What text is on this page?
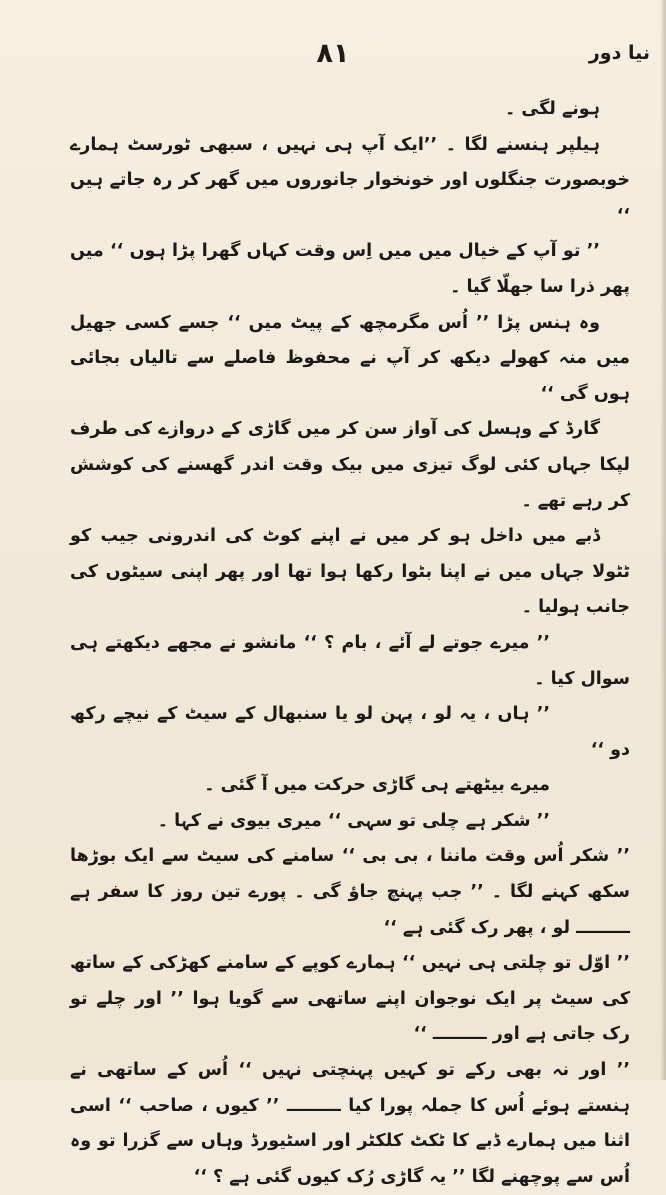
۸۱	نیا دور

ہونے لگی ۔

ہیلپر ہنسنے لگا ۔ ’’ایک آپ ہی نہیں ، سبھی ٹورسٹ ہمارے خوبصورت جنگلوں اور خونخوار جانوروں میں گھر کر رہ جاتے ہیں ‘‘

’’ تو آپ کے خیال میں میں اِس وقت کہاں گھرا پڑا ہوں ‘‘ میں پھر ذرا سا جھلّا گیا ۔

وہ ہنس پڑا ’’ اُس مگرمچھ کے پیٹ میں ‘‘ جسے کسی جھیل میں منہ کھولے دیکھ کر آپ نے محفوظ فاصلے سے تالیاں بجائی ہوں گی ‘‘

گارڈ کے وہسل کی آواز سن کر میں گاڑی کے دروازے کی طرف لپکا جہاں کئی لوگ تیزی میں بیک وقت اندر گھسنے کی کوشش کر رہے تھے ۔

ڈبے میں داخل ہو کر میں نے اپنے کوٹ کی اندرونی جیب کو ٹٹولا جہاں میں نے اپنا بٹوا رکھا ہوا تھا اور پھر اپنی سیٹوں کی جانب ہولیا ۔

’’ میرے جوتے لے آئے ، بام ؟ ‘‘ مانشو نے مجھے دیکھتے ہی سوال کیا ۔

’’ ہاں ، یہ لو ، پہن لو یا سنبھال کے سیٹ کے نیچے رکھ دو ‘‘

میرے بیٹھتے ہی گاڑی حرکت میں آ گئی ۔

’’ شکر ہے چلی تو سہی ‘‘ میری بیوی نے کہا ۔

’’ شکر اُس وقت ماننا ، بی بی ‘‘ سامنے کی سیٹ سے ایک بوڑھا سکھ کہنے لگا ۔ ’’ جب پہنچ جاؤ گی ۔ پورے تین روز کا سفر ہے ـــــــــ لو ، پھر رک گئی ہے ‘‘

’’ اوّل تو چلتی ہی نہیں ‘‘ ہمارے کوپے کے سامنے کھڑکی کے ساتھ کی سیٹ پر ایک نوجوان اپنے ساتھی سے گویا ہوا ’’ اور چلے تو رک جاتی ہے اور ـــــــــ ‘‘

’’ اور نہ بھی رکے تو کہیں پہنچتی نہیں ‘‘ اُس کے ساتھی نے ہنستے ہوئے اُس کا جملہ پورا کیا ـــــــــ ’’ کیوں ، صاحب ‘‘ اسی اثنا میں ہمارے ڈبے کا ٹکٹ کلکٹر اور اسٹیورڈ وہاں سے گزرا تو وہ اُس سے پوچھنے لگا ’’ یہ گاڑی رُک کیوں گئی ہے ؟ ‘‘
